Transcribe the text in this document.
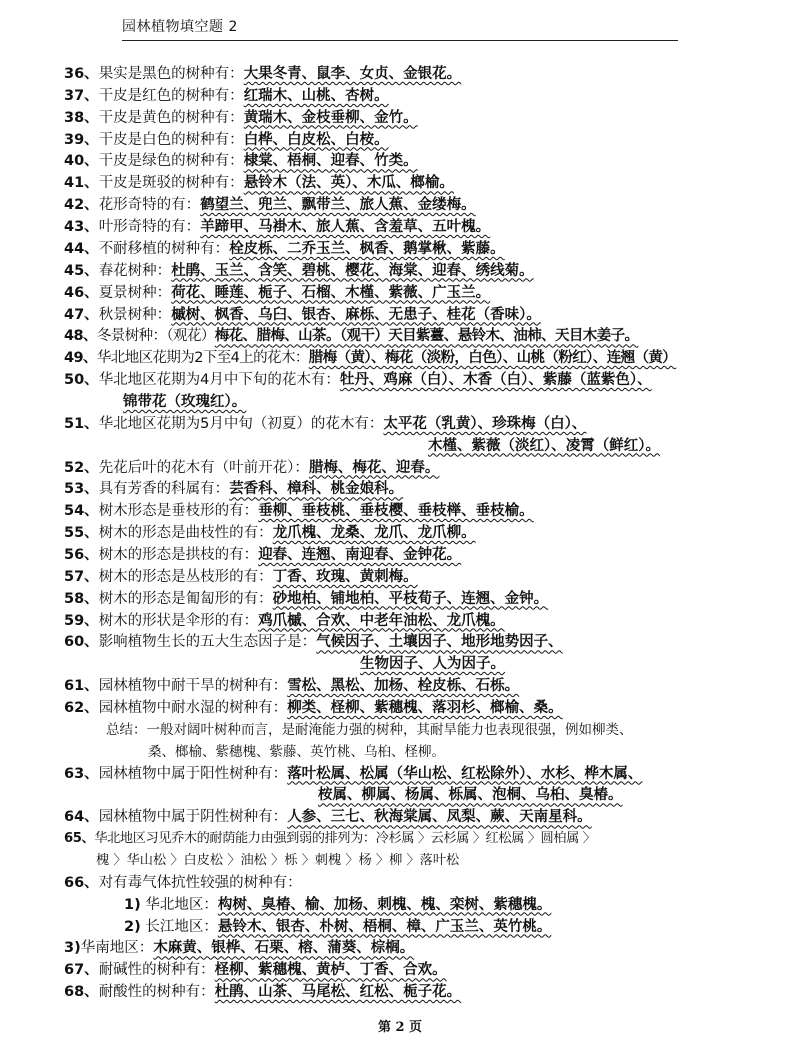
园林植物填空题 2
36、果实是黑色的树种有：大果冬青、鼠李、女贞、金银花。
37、干皮是红色的树种有：红瑞木、山桃、杏树。
38、干皮是黄色的树种有：黄瑞木、金枝垂柳、金竹。
39、干皮是白色的树种有：白桦、白皮松、白桉。
40、干皮是绿色的树种有：棣棠、梧桐、迎春、竹类。
41、干皮是斑驳的树种有：悬铃木（法、英）、木瓜、榔榆。
42、花形奇特的有：鹤望兰、兜兰、飘带兰、旅人蕉、金缕梅。
43、叶形奇特的有：羊蹄甲、马褂木、旅人蕉、含羞草、五叶槐。
44、不耐移植的树种有：栓皮栎、二乔玉兰、枫香、鹅掌楸、紫藤。
45、春花树种：杜鹃、玉兰、含笑、碧桃、樱花、海棠、迎春、绣线菊。
46、夏景树种：荷花、睡莲、栀子、石榴、木槿、紫薇、广玉兰。
47、秋景树种：槭树、枫香、乌臼、银杏、麻栎、无患子、桂花（香味）。
48、冬景树种：（观花）梅花、腊梅、山茶。（观干）天目紫薹、悬铃木、油柿、天目木姜子。
49、华北地区花期为2下至4上的花木：腊梅（黄）、梅花（淡粉，白色）、山桃（粉红）、连翘（黄）
50、华北地区花期为4月中下旬的花木有：牡丹、鸡麻（白）、木香（白）、紫藤（蓝紫色）、
锦带花（玫瑰红）。
51、华北地区花期为5月中旬（初夏）的花木有：太平花（乳黄）、珍珠梅（白）、
木槿、紫薇（淡红）、凌霄（鲜红）。
52、先花后叶的花木有（叶前开花）：腊梅、梅花、迎春。
53、具有芳香的科属有：芸香科、樟科、桃金娘科。
54、树木形态是垂枝形的有：垂柳、垂枝桃、垂枝樱、垂枝榉、垂枝榆。
55、树木的形态是曲枝性的有：龙爪槐、龙桑、龙爪、龙爪柳。
56、树木的形态是拱枝的有：迎春、连翘、南迎春、金钟花。
57、树木的形态是丛枝形的有：丁香、玫瑰、黄刺梅。
58、树木的形态是匍匐形的有：砂地柏、铺地柏、平枝荀子、连翘、金钟。
59、树木的形状是伞形的有：鸡爪槭、合欢、中老年油松、龙爪槐。
60、影响植物生长的五大生态因子是：气候因子、土壤因子、地形地势因子、
生物因子、人为因子。
61、园林植物中耐干旱的树种有：雪松、黑松、加杨、栓皮栎、石栎。
62、园林植物中耐水湿的树种有：柳类、柽柳、紫穗槐、落羽杉、榔榆、桑。
总结：一般对阔叶树种而言，是耐淹能力强的树种，其耐旱能力也表现很强，例如柳类、
桑、榔榆、紫穗槐、紫藤、英竹桃、乌桕、柽柳。
63、园林植物中属于阳性树种有：落叶松属、松属（华山松、红松除外）、水杉、桦木属、
桉属、柳属、杨属、栎属、泡桐、乌桕、臭椿。
64、园林植物中属于阴性树种有：人参、三七、秋海棠属、凤梨、蕨、天南星科。
65、华北地区习见乔木的耐荫能力由强到弱的排列为：冷杉属 〉云杉属 〉红松属 〉圆柏属 〉
槐 〉华山松 〉白皮松 〉油松 〉栎 〉刺槐 〉杨 〉柳 〉落叶松
66、对有毒气体抗性较强的树种有：
1) 华北地区：构树、臭椿、榆、加杨、刺槐、槐、栾树、紫穗槐。
2) 长江地区：悬铃木、银杏、朴树、梧桐、樟、广玉兰、英竹桃。
3)华南地区：木麻黄、银桦、石栗、榕、蒲葵、棕榈。
67、耐碱性的树种有：柽柳、紫穗槐、黄栌、丁香、合欢。
68、耐酸性的树种有：杜鹃、山茶、马尾松、红松、栀子花。
第 2 页
